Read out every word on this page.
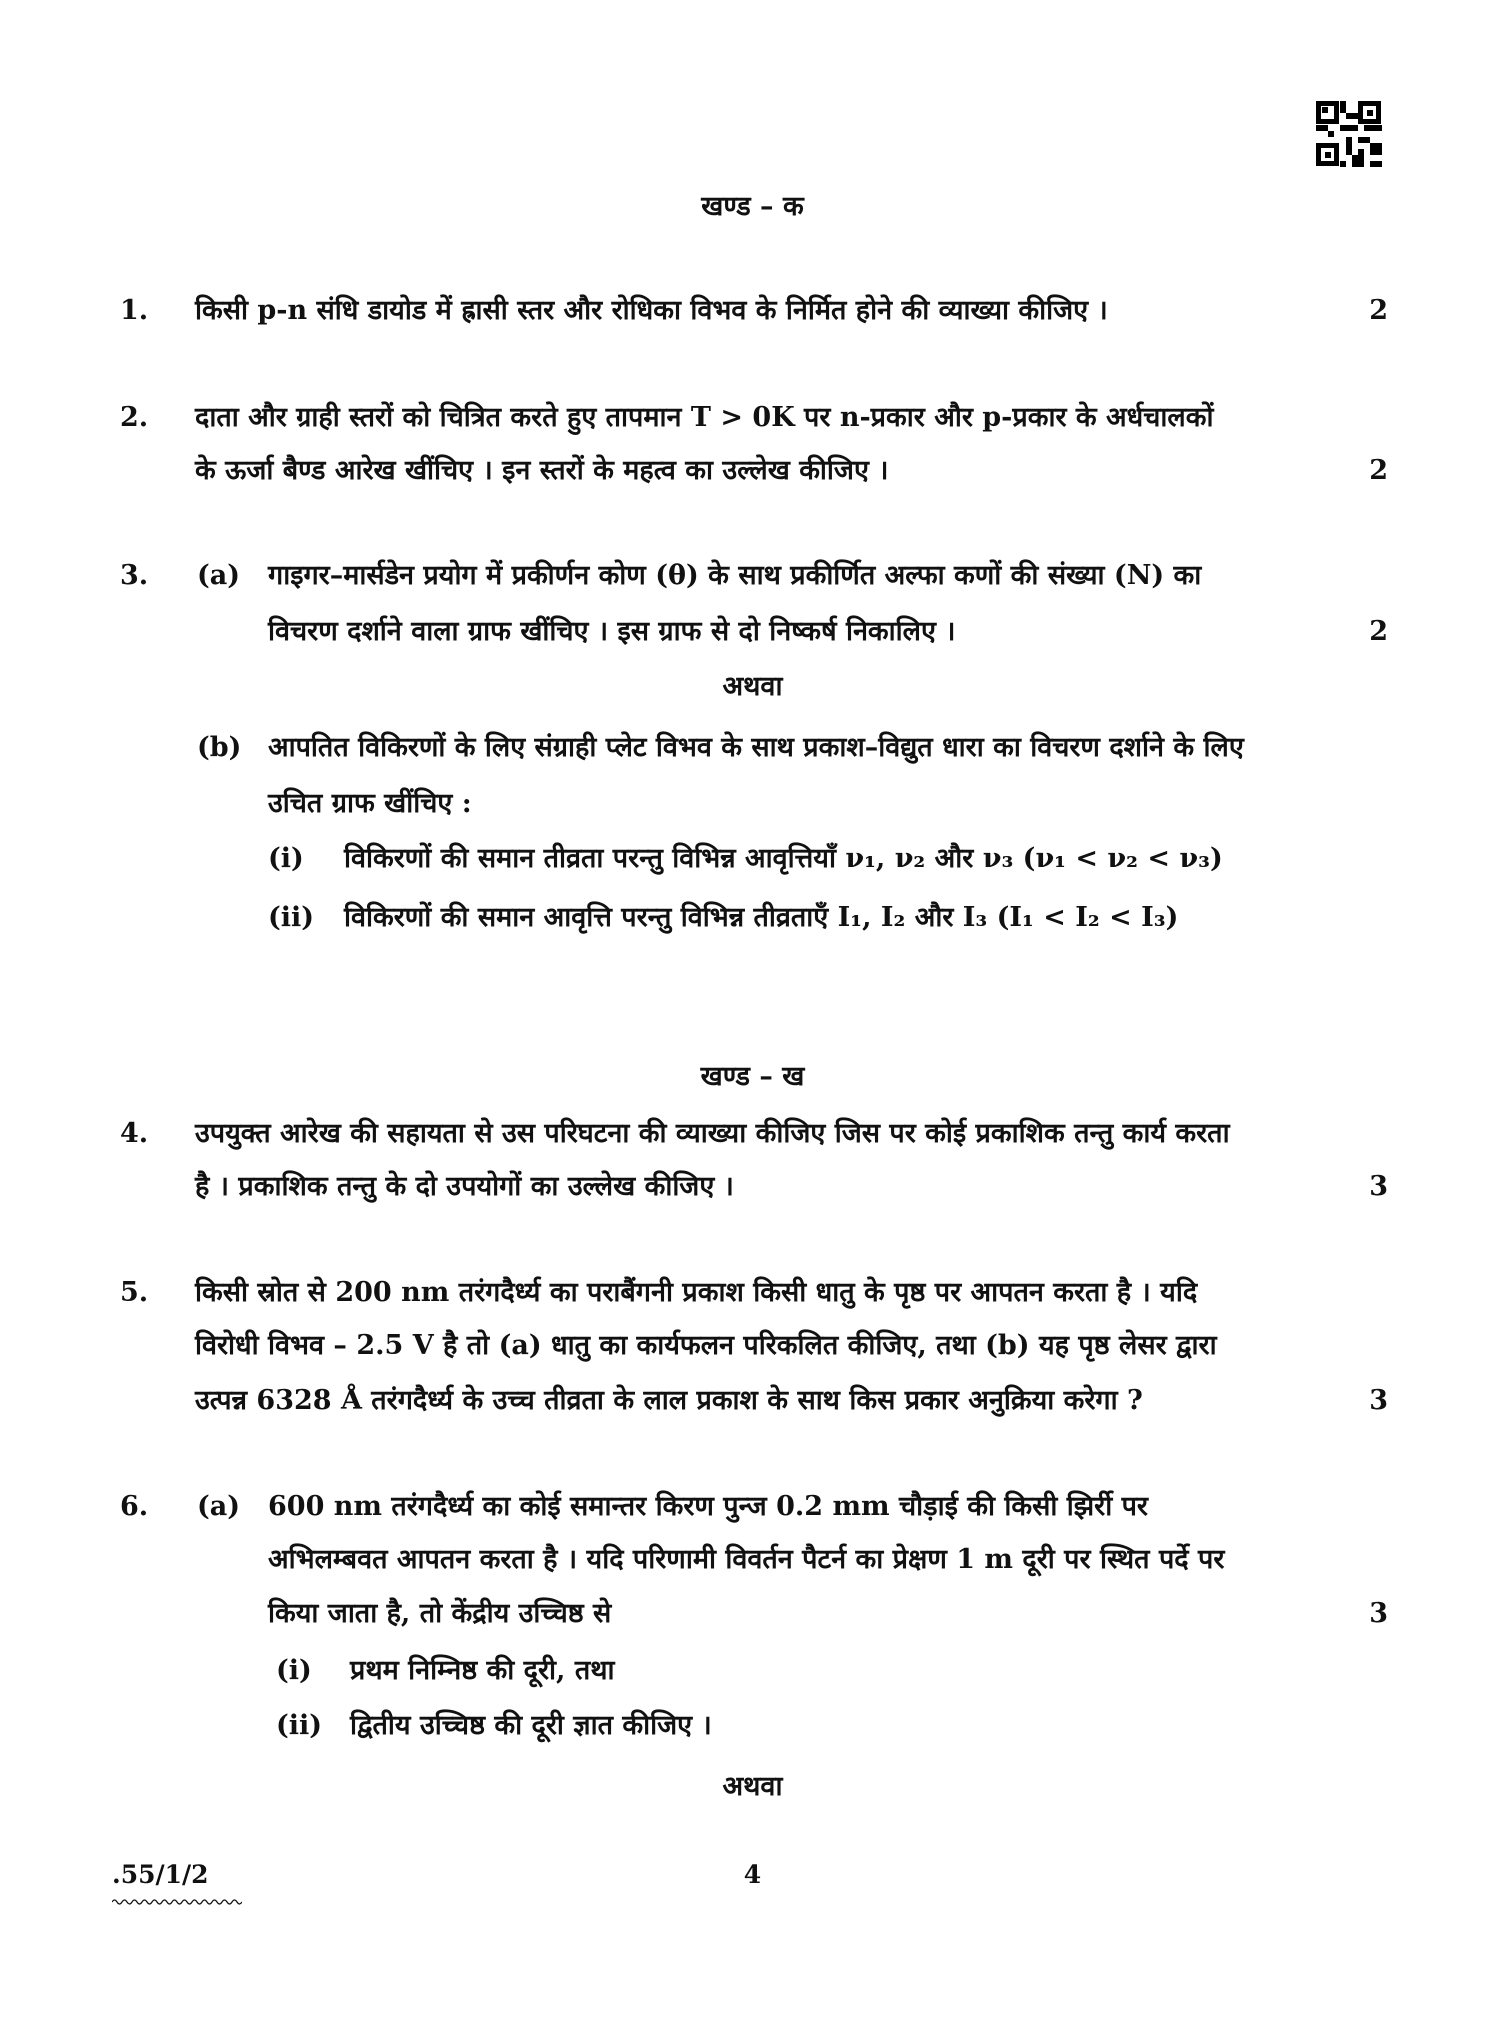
खण्ड – क
1. किसी p-n संधि डायोड में ह्रासी स्तर और रोधिका विभव के निर्मित होने की व्याख्या कीजिए ।	2
2. दाता और ग्राही स्तरों को चित्रित करते हुए तापमान T > 0K पर n-प्रकार और p-प्रकार के अर्धचालकों
के ऊर्जा बैण्ड आरेख खींचिए । इन स्तरों के महत्व का उल्लेख कीजिए ।	2
3. (a) गाइगर–मार्सडेन प्रयोग में प्रकीर्णन कोण (θ) के साथ प्रकीर्णित अल्फा कणों की संख्या (N) का
विचरण दर्शाने वाला ग्राफ खींचिए । इस ग्राफ से दो निष्कर्ष निकालिए ।	2
अथवा
(b) आपतित विकिरणों के लिए संग्राही प्लेट विभव के साथ प्रकाश–विद्युत धारा का विचरण दर्शाने के लिए
उचित ग्राफ खींचिए :
(i) विकिरणों की समान तीव्रता परन्तु विभिन्न आवृत्तियाँ ν₁, ν₂ और ν₃ (ν₁ < ν₂ < ν₃)
(ii) विकिरणों की समान आवृत्ति परन्तु विभिन्न तीव्रताएँ I₁, I₂ और I₃ (I₁ < I₂ < I₃)
खण्ड – ख
4. उपयुक्त आरेख की सहायता से उस परिघटना की व्याख्या कीजिए जिस पर कोई प्रकाशिक तन्तु कार्य करता
है । प्रकाशिक तन्तु के दो उपयोगों का उल्लेख कीजिए ।	3
5. किसी स्रोत से 200 nm तरंगदैर्ध्य का पराबैंगनी प्रकाश किसी धातु के पृष्ठ पर आपतन करता है । यदि
विरोधी विभव – 2.5 V है तो (a) धातु का कार्यफलन परिकलित कीजिए, तथा (b) यह पृष्ठ लेसर द्वारा
उत्पन्न 6328 Å तरंगदैर्ध्य के उच्च तीव्रता के लाल प्रकाश के साथ किस प्रकार अनुक्रिया करेगा ?	3
6. (a) 600 nm तरंगदैर्ध्य का कोई समान्तर किरण पुन्ज 0.2 mm चौड़ाई की किसी झिर्री पर
अभिलम्बवत आपतन करता है । यदि परिणामी विवर्तन पैटर्न का प्रेक्षण 1 m दूरी पर स्थित पर्दे पर
किया जाता है, तो केंद्रीय उच्चिष्ठ से	3
(i) प्रथम निम्निष्ठ की दूरी, तथा
(ii) द्वितीय उच्चिष्ठ की दूरी ज्ञात कीजिए ।
अथवा
.55/1/2	4
